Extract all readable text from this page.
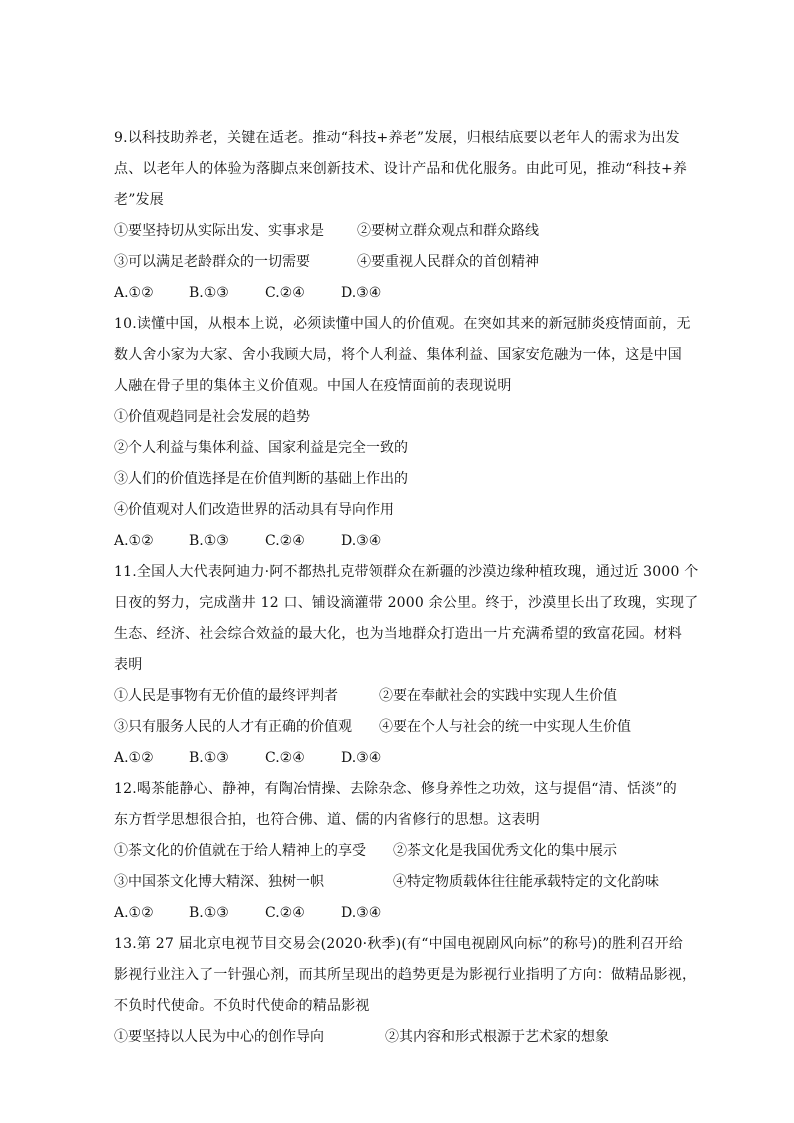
9.以科技助养老，关键在适老。推动“科技+养老”发展，归根结底要以老年人的需求为出发
点、以老年人的体验为落脚点来创新技术、设计产品和优化服务。由此可见，推动“科技+养
老”发展
①要坚持切从实际出发、实事求是 ②要树立群众观点和群众路线
③可以满足老龄群众的一切需要	④要重视人民群众的首创精神
A.①②	B.①③	C.②④	D.③④
10.读懂中国，从根本上说，必须读懂中国人的价值观。在突如其来的新冠肺炎疫情面前，无
数人舍小家为大家、舍小我顾大局，将个人利益、集体利益、国家安危融为一体，这是中国
人融在骨子里的集体主义价值观。中国人在疫情面前的表现说明
①价值观趋同是社会发展的趋势
②个人利益与集体利益、国家利益是完全一致的
③人们的价值选择是在价值判断的基础上作出的
④价值观对人们改造世界的活动具有导向作用
A.①②	B.①③	C.②④	D.③④
11.全国人大代表阿迪力·阿不都热扎克带领群众在新疆的沙漠边缘种植玫瑰，通过近 3000 个
日夜的努力，完成凿井 12 口、铺设滴灌带 2000 余公里。终于，沙漠里长出了玫瑰，实现了
生态、经济、社会综合效益的最大化，也为当地群众打造出一片充满希望的致富花园。材料
表明
①人民是事物有无价值的最终评判者	②要在奉献社会的实践中实现人生价值
③只有服务人民的人才有正确的价值观 ④要在个人与社会的统一中实现人生价值
A.①②	B.①③	C.②④	D.③④
12.喝茶能静心、静神，有陶冶情操、去除杂念、修身养性之功效，这与提倡“清、恬淡”的
东方哲学思想很合拍，也符合佛、道、儒的内省修行的思想。这表明
①茶文化的价值就在于给人精神上的享受 ②茶文化是我国优秀文化的集中展示
③中国茶文化博大精深、独树一帜	④特定物质载体往往能承载特定的文化韵味
A.①②	B.①③	C.②④	D.③④
13.第 27 届北京电视节目交易会(2020·秋季)(有“中国电视剧风向标”的称号)的胜利召开给
影视行业注入了一针强心剂，而其所呈现出的趋势更是为影视行业指明了方向：做精品影视，
不负时代使命。不负时代使命的精品影视
①要坚持以人民为中心的创作导向	②其内容和形式根源于艺术家的想象
